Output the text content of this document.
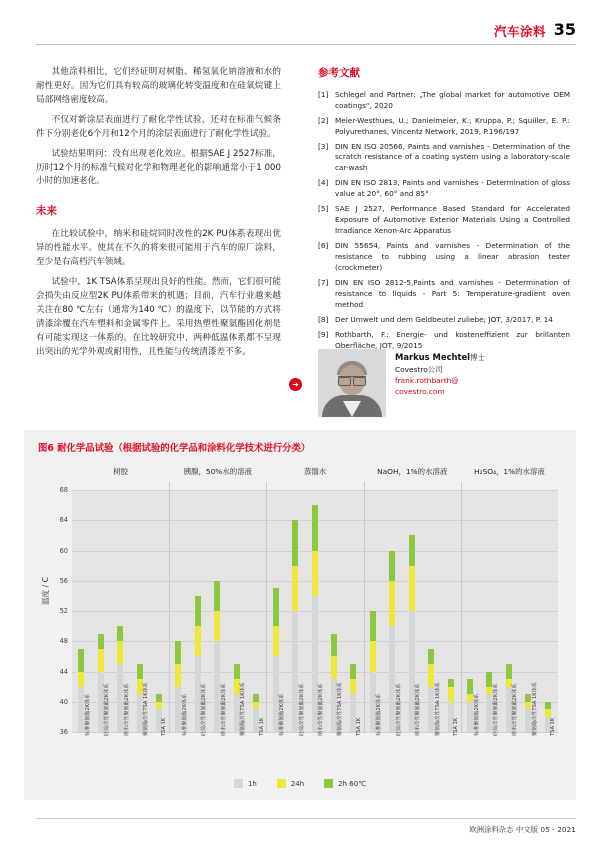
汽车涂料 35

其他涂料相比，它们经证明对树脂、稀氢氧化钠溶液和水的耐性更好。因为它们具有较高的玻璃化转变温度和在硅氧烷键上局部网络密度较高。

不仅对新涂层表面进行了耐化学性试验，还对在标准气候条件下分别老化6个月和12个月的涂层表面进行了耐化学性试验。

试验结果明问：没有出现老化效应。根据SAE J 2527标准，历时12个月的标准气候对化学和物理老化的影响通常小于1 000小时的加速老化。

未来

在比较试验中，纳米和硅烷同时改性的2K PU体系表现出优异的性能水平。使其在不久的将来很可能用于汽车的原厂涂料，至少是右高档汽车领域。

试验中，1K TSA体系呈现出良好的性能。然而，它们很可能会损失由反应型2K PU体系带来的机遇；目前，汽车行业越来越关注在80 ℃左右（通常为140 ℃）的温度下，以节能的方式将清漆涂覆在汽车塑料和金属零件上。采用热塑性聚氨酯固化剂是有可能实现这一体系的。在比较研究中，两种低温体系都不呈现出突出的光学外观或耐用性，且性能与传统清漆差不多。

➜
参考文献
[1] Schlegel and Partner: „The global market for automotive OEM coatings“, 2020
[2] Meier-Westhues, U.; Danielmeier, K.; Kruppa, P.; Squiller, E. P.: Polyurethanes, Vincentz Network, 2019, P.196/197
[3] DIN EN ISO 20566, Paints and varnishes - Determination of the scratch resistance of a coating system using a laboratory-scale car-wash
[4] DIN EN ISO 2813, Paints and varnishes - Determination of gloss value at 20°, 60° and 85°
[5] SAE J 2527, Performance Based Standard for Accelerated Exposure of Automotive Exterior Materials Using a Controlled Irradiance Xenon-Arc Apparatus
[6] DIN 55654, Paints and varnishes - Determination of the resistance to rubbing using a linear abrasion tester (crockmeter)
[7] DIN EN ISO 2812-5,Paints and varnishes - Determination of resistance to liquids - Part 5: Temperature-gradient oven method
[8] Der Umwelt und dem Geldbeutel zuliebe; JOT, 3/2017, P. 14
[9] Rothbarth, F.: Energie- und kosteneffizient zur brillanten Oberfläche, JOT, 9/2015
Markus Mechtel博士
Covestro公司
frank.rothbarth@
covestro.com
图6 耐化学品试验（根据试验的化学品和涂料化学技术进行分类）
温度 / C
36
40
44
48
52
56
60
64
68
1h	24h	2h 60℃
标准聚氨酯2K体系	硅烷改性聚氨酯2K体系	纳米改性聚氨酯2K体系	聚氨酯改性TSA 1K体系 TSA 1K	标准聚氨酯2K体系	硅烷改性聚氨酯2K体系	纳米改性聚氨酯2K体系	聚氨酯改性TSA 1K体系 TSA 1K	标准聚氨酯2K体系	硅烷改性聚氨酯2K体系	纳米改性聚氨酯2K体系	聚氨酯改性TSA 1K体系 TSA 1K	标准聚氨酯2K体系	硅烷改性聚氨酯2K体系	纳米改性聚氨酯2K体系	聚氨酯改性TSA 1K体系 TSA 1K	标准聚氨酯2K体系	硅烷改性聚氨酯2K体系	纳米改性聚氨酯2K体系	聚氨酯改性TSA 1K体系 TSA 1K
树胶	胰腺，50%水的溶液	蒸馏水	NaOH，1%的水溶液	H₂SO₄，1%的水溶液
欧洲涂料杂志 中文版 05 - 2021
